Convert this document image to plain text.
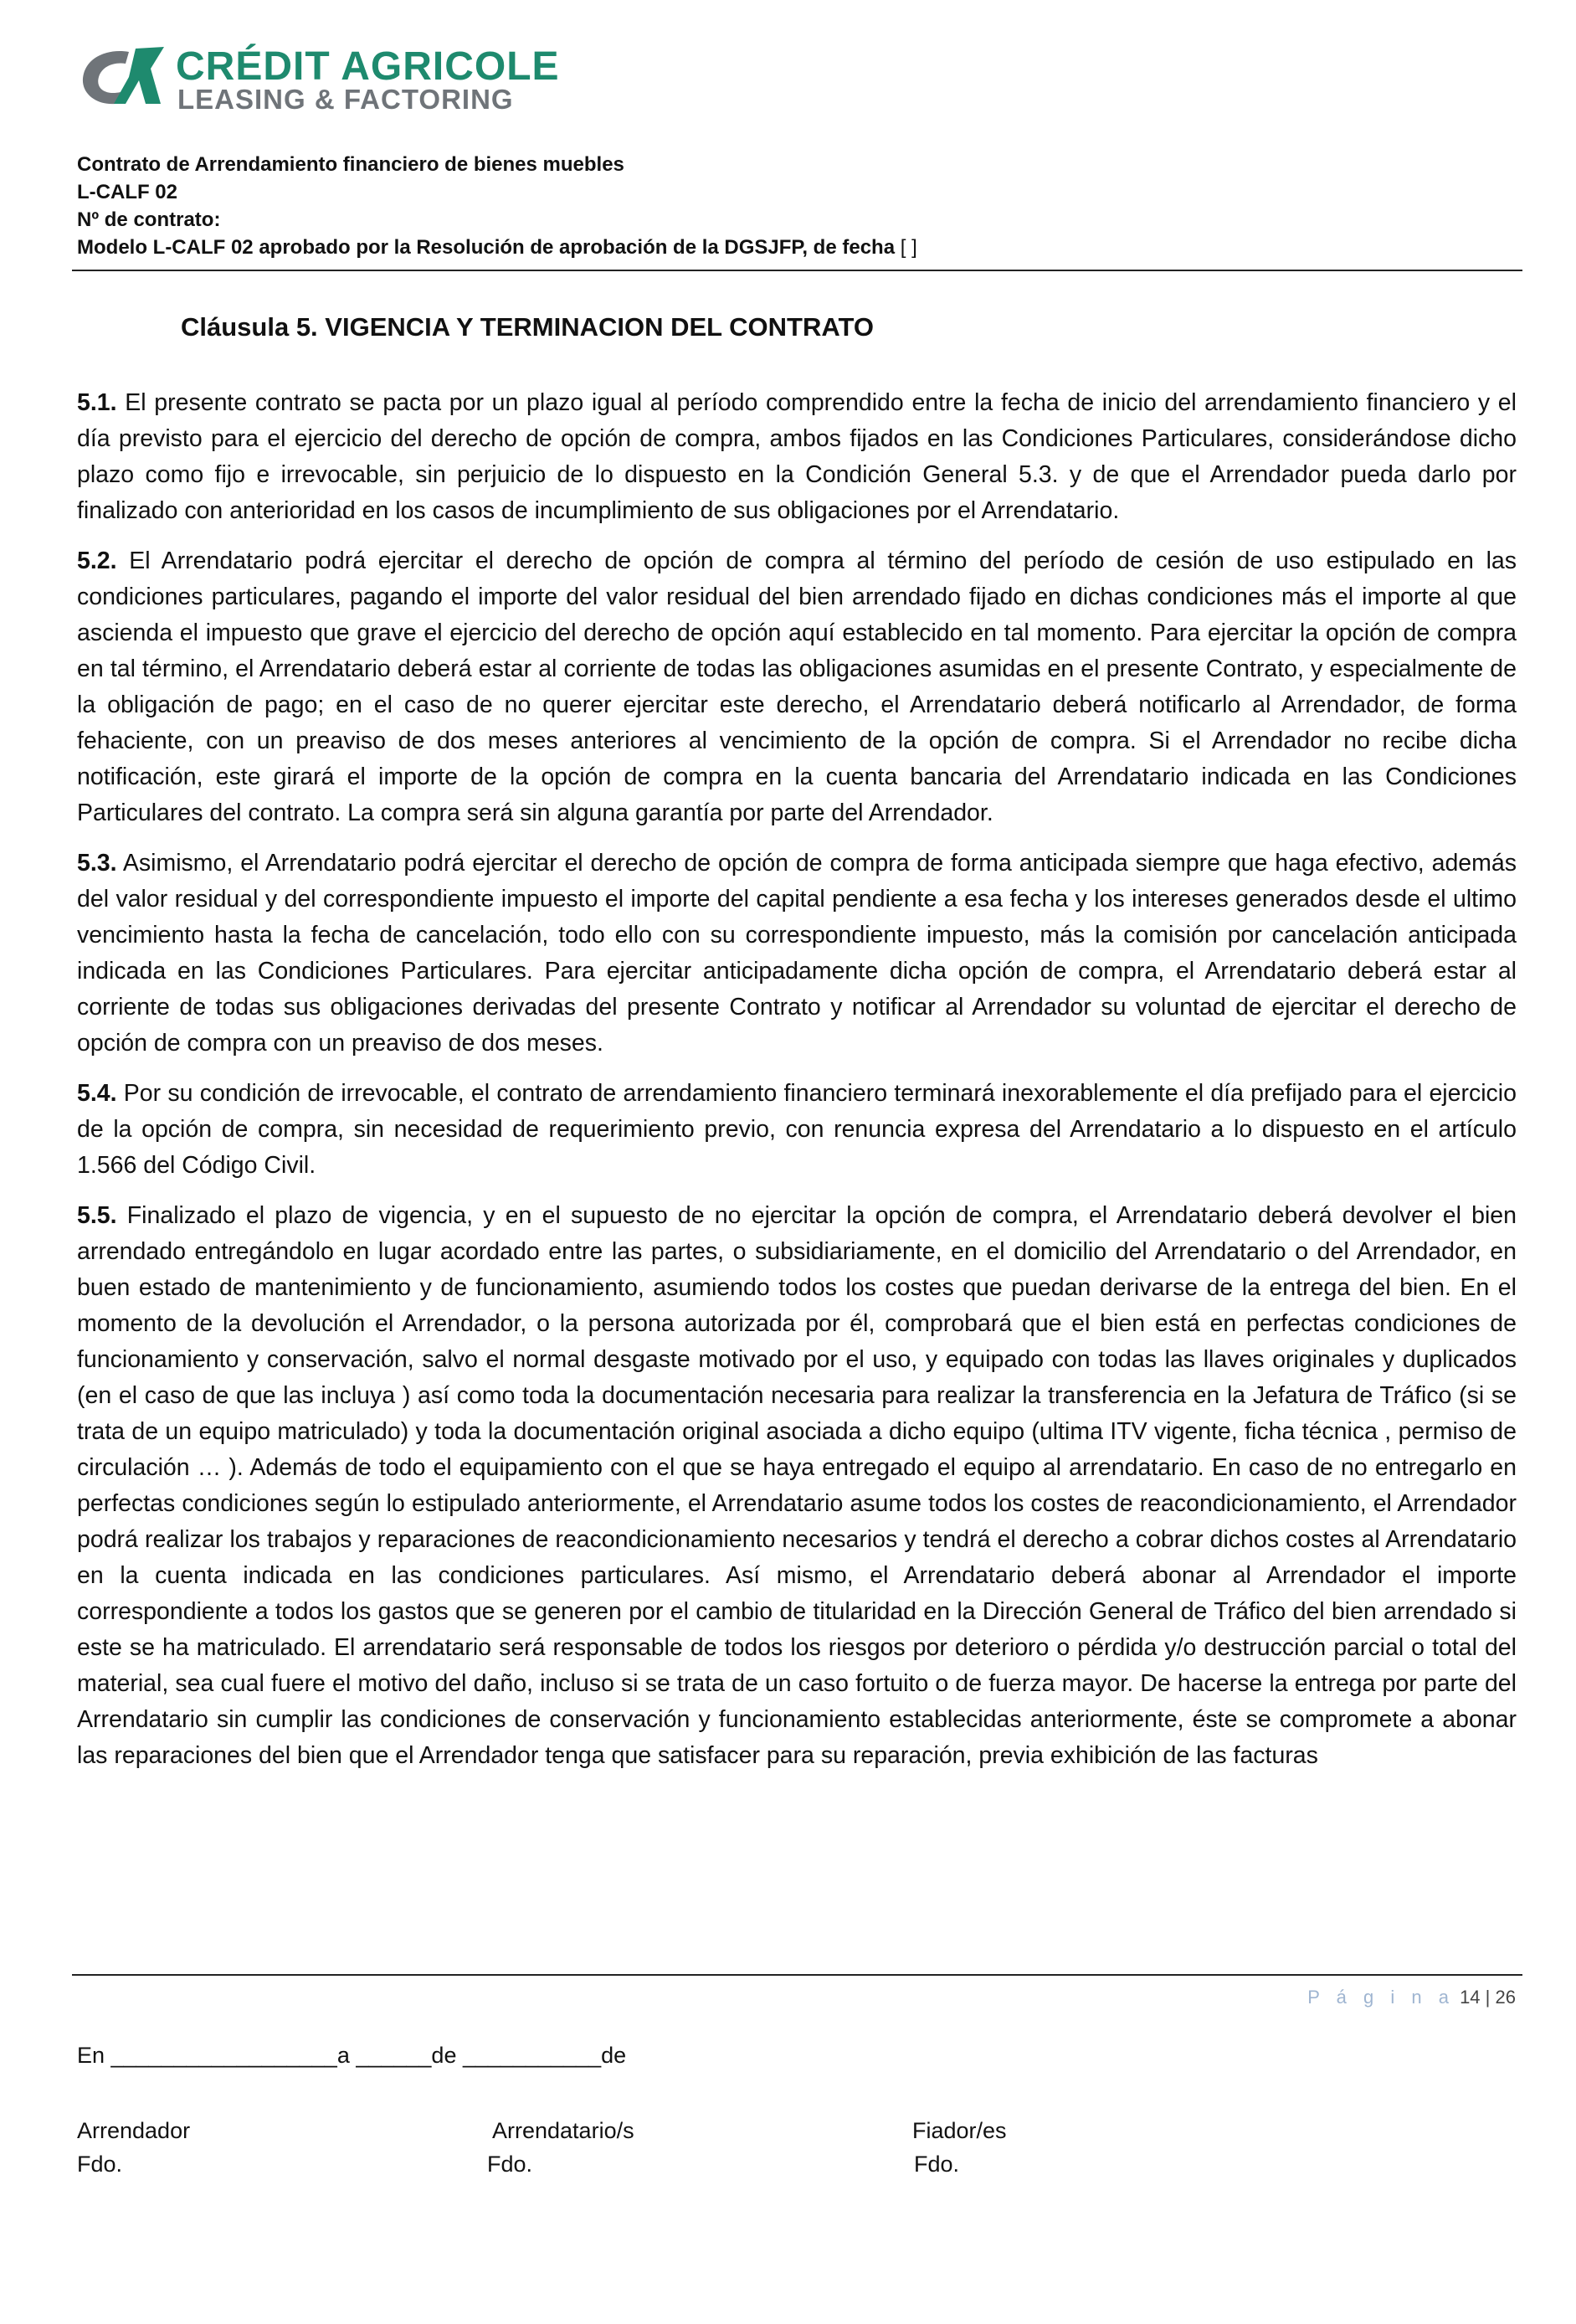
CRÉDIT AGRICOLE
LEASING & FACTORING
Contrato de Arrendamiento financiero de bienes muebles
L-CALF 02
Nº de contrato:
Modelo L-CALF 02 aprobado por la Resolución de aprobación de la DGSJFP, de fecha [ ]
Cláusula 5. VIGENCIA Y TERMINACION DEL CONTRATO

5.1. El presente contrato se pacta por un plazo igual al período comprendido entre la fecha de inicio del arrendamiento financiero y el día previsto para el ejercicio del derecho de opción de compra, ambos fijados en las Condiciones Particulares, considerándose dicho plazo como fijo e irrevocable, sin perjuicio de lo dispuesto en la Condición General 5.3. y de que el Arrendador pueda darlo por finalizado con anterioridad en los casos de incumplimiento de sus obligaciones por el Arrendatario.

5.2. El Arrendatario podrá ejercitar el derecho de opción de compra al término del período de cesión de uso estipulado en las condiciones particulares, pagando el importe del valor residual del bien arrendado fijado en dichas condiciones más el importe al que ascienda el impuesto que grave el ejercicio del derecho de opción aquí establecido en tal momento. Para ejercitar la opción de compra en tal término, el Arrendatario deberá estar al corriente de todas las obligaciones asumidas en el presente Contrato, y especialmente de la obligación de pago; en el caso de no querer ejercitar este derecho, el Arrendatario deberá notificarlo al Arrendador, de forma fehaciente, con un preaviso de dos meses anteriores al vencimiento de la opción de compra. Si el Arrendador no recibe dicha notificación, este girará el importe de la opción de compra en la cuenta bancaria del Arrendatario indicada en las Condiciones Particulares del contrato. La compra será sin alguna garantía por parte del Arrendador.

5.3. Asimismo, el Arrendatario podrá ejercitar el derecho de opción de compra de forma anticipada siempre que haga efectivo, además del valor residual y del correspondiente impuesto el importe del capital pendiente a esa fecha y los intereses generados desde el ultimo vencimiento hasta la fecha de cancelación, todo ello con su correspondiente impuesto, más la comisión por cancelación anticipada indicada en las Condiciones Particulares. Para ejercitar anticipadamente dicha opción de compra, el Arrendatario deberá estar al corriente de todas sus obligaciones derivadas del presente Contrato y notificar al Arrendador su voluntad de ejercitar el derecho de opción de compra con un preaviso de dos meses.

5.4. Por su condición de irrevocable, el contrato de arrendamiento financiero terminará inexorablemente el día prefijado para el ejercicio de la opción de compra, sin necesidad de requerimiento previo, con renuncia expresa del Arrendatario a lo dispuesto en el artículo 1.566 del Código Civil.

5.5. Finalizado el plazo de vigencia, y en el supuesto de no ejercitar la opción de compra, el Arrendatario deberá devolver el bien arrendado entregándolo en lugar acordado entre las partes, o subsidiariamente, en el domicilio del Arrendatario o del Arrendador, en buen estado de mantenimiento y de funcionamiento, asumiendo todos los costes que puedan derivarse de la entrega del bien. En el momento de la devolución el Arrendador, o la persona autorizada por él, comprobará que el bien está en perfectas condiciones de funcionamiento y conservación, salvo el normal desgaste motivado por el uso, y equipado con todas las llaves originales y duplicados (en el caso de que las incluya ) así como toda la documentación necesaria para realizar la transferencia en la Jefatura de Tráfico (si se trata de un equipo matriculado) y toda la documentación original asociada a dicho equipo (ultima ITV vigente, ficha técnica , permiso de circulación … ). Además de todo el equipamiento con el que se haya entregado el equipo al arrendatario. En caso de no entregarlo en perfectas condiciones según lo estipulado anteriormente, el Arrendatario asume todos los costes de reacondicionamiento, el Arrendador podrá realizar los trabajos y reparaciones de reacondicionamiento necesarios y tendrá el derecho a cobrar dichos costes al Arrendatario en la cuenta indicada en las condiciones particulares. Así mismo, el Arrendatario deberá abonar al Arrendador el importe correspondiente a todos los gastos que se generen por el cambio de titularidad en la Dirección General de Tráfico del bien arrendado si este se ha matriculado. El arrendatario será responsable de todos los riesgos por deterioro o pérdida y/o destrucción parcial o total del material, sea cual fuere el motivo del daño, incluso si se trata de un caso fortuito o de fuerza mayor. De hacerse la entrega por parte del Arrendatario sin cumplir las condiciones de conservación y funcionamiento establecidas anteriormente, éste se compromete a abonar las reparaciones del bien que el Arrendador tenga que satisfacer para su reparación, previa exhibición de las facturas

P á g i n a 14 | 26
En __________________a ______de ___________de
Arrendador	Arrendatario/s	Fiador/es
Fdo.	Fdo.	Fdo.
